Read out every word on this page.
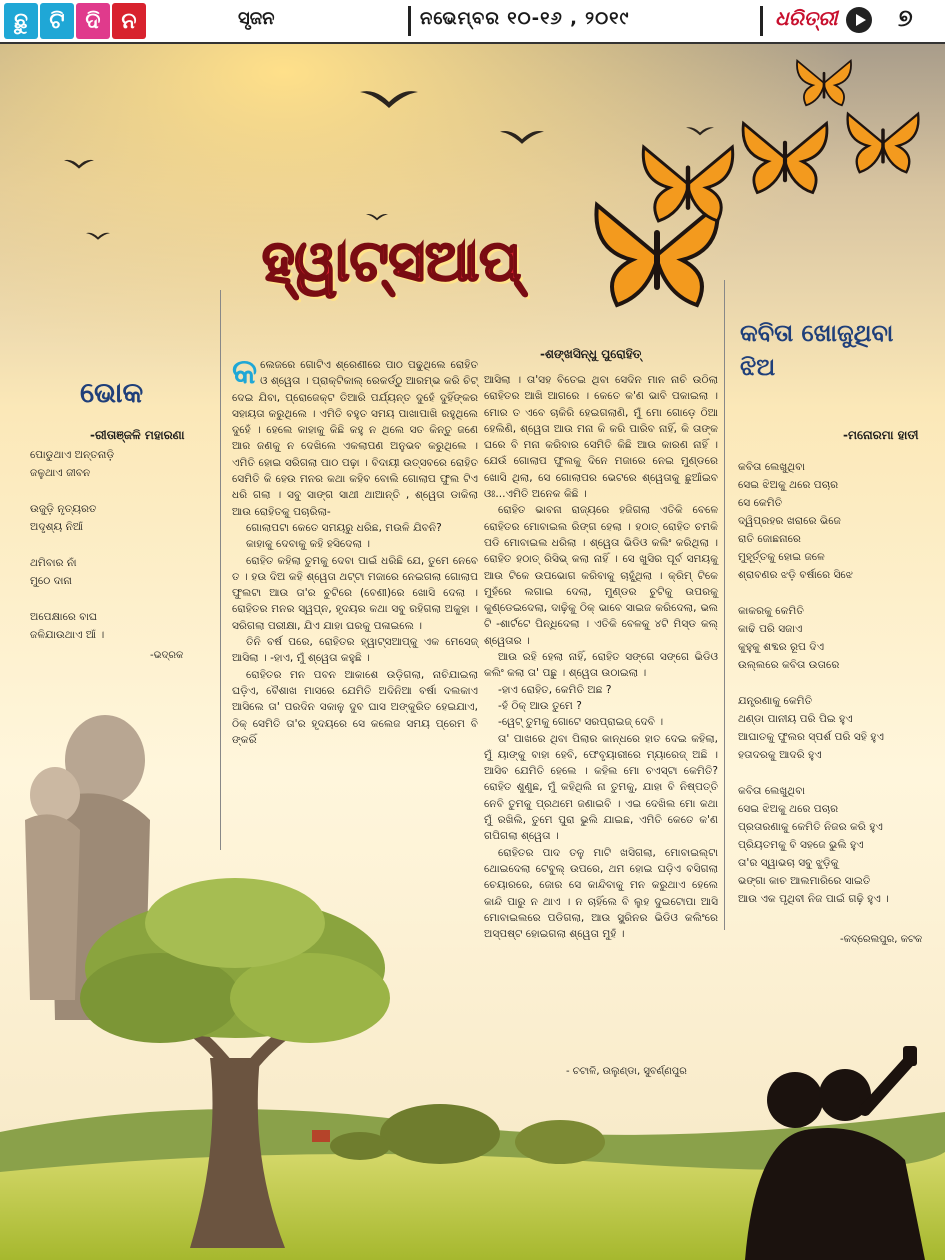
ଛୁ ଟି ଦି ନ	ସୃଜନ	ନଭେମ୍ବର ୧୦-୧୬ , ୨୦୧୯	ଧରିତ୍ରୀ	୭
ହ୍ୱାଟ୍ସଆପ୍
ଭୋକ
-ରୀତାଞ୍ଜଳି ମହାରଣା
ପୋଡୁଥାଏ ଅନ୍ତନାଡ଼ି
ଜଳୁଥାଏ ଜୀବନ
ଉଜୁଡ଼ି ନୃତ୍ୟରତ
ଅଦୃଶ୍ୟ ନିଆଁ
ଥମିବାର ନାଁ
ମୁଠେ ଦାନା
ଅପେକ୍ଷାରେ ବାଘ
ଜଳିଯାଉଥାଏ ଆଁ ।
-ଭଦ୍ରକ

କଲେଜରେ ଗୋଟିଏ ଶ୍ରେଣୀରେ ପାଠ ପଢୁଥିଲେ ରୋହିତ ଓ ଶ୍ୱେତା । ପ୍ରାକ୍ଟିକାଲ୍ ରେକର୍ଡ୍ଠୁ ଆରମ୍ଭ କରି ଚିଟ୍ ଦେଇ ଯିବା, ପ୍ରୋଜେକ୍ଟ ତିଆରି ପର୍ଯ୍ୟନ୍ତ ଦୁହେଁ ଦୁହିଁଙ୍କର ସହାୟତା କରୁଥିଲେ । ଏମିତି ବହୁତ ସମୟ ପାଖାପାଖି ରହୁଥିଲେ ଦୁହେଁ । ହେଲେ କାହାକୁ କିଛି କହୁ ନ ଥିଲେ ସତ କିନ୍ତୁ ଜଣେ ଆର ଜଣକୁ ନ ଦେଖିଲେ ଏକଲାପଣ ଅନୁଭବ କରୁଥିଲେ । ଏମିତି ହୋଇ ସରିଗଲା ପାଠ ପଢ଼ା । ବିଦାୟୀ ଉତ୍ସବରେ ରୋହିତ ସେମିତି କି ହେଉ ମନର କଥା କହିବ ବୋଲି ଗୋଲାପ ଫୁଲ ଟିଏ ଧରି ଗଲା । ସବୁ ସାଙ୍ଗ ସାଥୀ ଥାଆନ୍ତି , ଶ୍ୱେତା ଡାକିଲା ଆଉ ରୋହିତକୁ ପଚାରିଲା-

ଗୋଲାପଟା କେତେ ସମୟରୁ ଧରିଛ, ମଉଳି ଯିବନି?

କାହାକୁ ଦେବାକୁ କହି ହସିଦେଲା ।

ରୋହିତ କହିଲା ତୁମକୁ ଦେବା ପାଇଁ ଧରିଛି ଯେ, ତୁମେ ନେବେ ତ । ହଉ ଦିଅ କହି ଶ୍ୱେତା ଥଟ୍ଟା ମଜାରେ ନେଇଗଲା ଗୋଲାପ ଫୁଲଟା ଆଉ ତା'ର ଚୁଟିରେ (ବେଣୀ)ରେ ଖୋସି ଦେଲା । ରୋହିତର ମନର ସ୍ୱପ୍ନ, ହୃଦୟର କଥା ସବୁ ରହିଗଲା ଅକୁହା । ସରିଗଲା ପରୀକ୍ଷା, ଯିଏ ଯାହା ଘରକୁ ପଳାଇଲେ ।

ତିନି ବର୍ଷ ପରେ, ରୋହିତର ହ୍ୱାଟ୍ସଆପ୍କୁ ଏକ ମେସେଜ୍ ଆସିଲା । -ହାଏ, ମୁଁ ଶ୍ୱେତା କହୁଛି ।

ରୋହିତର ମନ ପବନ ଆକାଶେ ଉଡ଼ିଗଲା, ନାଚିଯାଇଲା ଘଡ଼ିଏ, ବୈଶାଖ ମାସରେ ଯେମିତି ଅଦିନିଆ ବର୍ଷା ଦଲକାଏ ଆସିଲେ ତା' ପରଦିନ ସକାଳୁ ଦୁବ ଘାସ ଅଙ୍କୁରିତ ହେଇଯାଏ, ଠିକ୍ ସେମିତି ତା'ର ହୃଦୟରେ ସେ କଲେଜ ସମୟ ପ୍ରେମ ବି ଙ୍କରିଁ

-ଶଙ୍ଖସିନ୍ଧୁ ପୁରୋହିତ୍

ଆସିଲା । ତା'ସହ ବିତେଇ ଥିବା ସେଦିନ ମାନ ନାଚି ଉଠିଲା ରୋହିତର ଆଖି ଆଗରେ । କେତେ କ'ଣ ଭାବି ପକାଇଲା । ମୋର ତ ଏବେ ଚାକିରି ହେଇଗଲାଣି, ମୁଁ ମୋ ଗୋଡ଼େ ଠିଆ ହେଲିଣି, ଶ୍ୱେତା ଆଉ ମନା କି କରି ପାରିବ ନାହିଁ, କି ତାଙ୍କ ଘରେ ବି ମନା କରିବାର ସେମିତି କିଛି ଆଉ କାରଣ ନାହିଁ । ଯେଉଁ ଗୋଲାପ ଫୁଲକୁ ଦିନେ ମଜାରେ ନେଇ ମୁଣ୍ଡରେ ଖୋସି ଥିଲା, ସେ ଗୋଲାପର ଭେଟରେ ଶ୍ୱେତାକୁ ଛୁଆଁଇବ ଓଃ...ଏମିତି ଅନେକ କିଛି ।

ରୋହିତ ଭାବନା ରାଜ୍ୟରେ ହଜିଗଲା ଏତିକି ବେଳେ ରୋହିତର ମୋବାଇଲ ରିଙ୍ଗ ହେଲା । ହଠାତ୍ ରୋହିତ ଚମକି ପଡି ମୋବାଇଲ ଧରିଲା । ଶ୍ୱେତା ଭିଡିଓ କଲିଂ କରିଥିଲା । ରୋହିତ ହଠାତ୍ ରିସିଭ୍ କଲା ନାହିଁ । ସେ ଖୁସିର ପୂର୍ବ ସମୟକୁ ଆଉ ଟିକେ ଉପଭୋଗ କରିବାକୁ ଚାହୁଁଥିଲା । କ୍ରିମ୍ ଟିକେ ମୁହଁରେ ଲଗାଇ ଦେଲା, ମୁଣ୍ଡର ଚୁଟିକୁ ଉପରକୁ କୁଣ୍ଡେଇଦେଲା, ଦାଢ଼ିକୁ ଠିକ୍ ଭାବେ ସାଇଜ କରିଦେଲା, ଭଲ ଟି -ଶାର୍ଟଟେ ପିନ୍ଧିଦେଲା । ଏତିକି ବେଳକୁ ୪ଟି ମିସ୍ଡ କଲ୍ ଶ୍ୱେତାର ।

ଆଉ ରହି ହେଲା ନାହିଁ, ରୋହିତ ସଙ୍ଗେ ସଙ୍ଗେ ଭିଡିଓ କଲିଂ କଲା ତା' ପଛୁ । ଶ୍ୱେତା ଉଠାଇଲା ।

-ହାଏ ରୋହିତ, କେମିତି ଅଛ ?

-ହଁ ଠିକ୍ ଆଉ ତୁମେ ?

-ୱେଟ୍ ତୁମକୁ ଗୋଟେ ସରପ୍ରାଇଜ୍ ଦେବି ।

ତା' ପାଖରେ ଥିବା ପିଲାର କାନ୍ଧରେ ହାତ ଦେଇ କହିଲା, ମୁଁ ୟାଙ୍କୁ ବାହା ହେବି, ଫେବୃୟାରୀରେ ମ୍ୟାରେଜ୍ ଅଛି । ଆସିବ ଯେମିତି ହେଲେ । କହିଲ ମୋ ଚଏସ୍ଟା କେମିତି? ରୋହିତ ଶୁଣୁଛ, ମୁଁ କହିଥିଲି ନା ତୁମକୁ, ଯାହା ବି ନିଷ୍ପତ୍ତି ନେବି ତୁମକୁ ପ୍ରଥମେ ଜଣାଇବି । ଏଇ ଦେଖିଲ ମୋ କଥା ମୁଁ ରଖିଲି, ତୁମେ ପୁରା ଭୁଲି ଯାଇଛ, ଏମିତି କେତେ କ'ଣ ଗପିଗଲା ଶ୍ୱେତା ।

ରୋହିତର ପାଦ ତଳୁ ମାଟି ଖସିଗଲା, ମୋବାଇଲ୍ଟା ଥୋଇଦେଲା ଟେବୁଲ୍ ଉପରେ, ଥମ ହୋଇ ଘଡ଼ିଏ ବସିଗଲା ଚେୟାରରେ, ଜୋର ସେ କାନ୍ଦିବାକୁ ମନ କରୁଥାଏ ହେଲେ କାନ୍ଦି ପାରୁ ନ ଥାଏ । ନ ଚାହିଁଲେ ବି ଲୁହ ଦୁଇଟୋପା ଆସି ମୋବାଇଲରେ ପଡିଗଲା, ଆଉ ସ୍କ୍ରିନର ଭିଡିଓ କଲିଂରେ ଅସ୍ପଷ୍ଟ ହୋଇଗଲା ଶ୍ୱେତା ମୁହଁ ।

- ଚଟାଳି, ଉଲୁଣ୍ଡା, ସୁବର୍ଣ୍ଣପୁର
କବିତା ଖୋଜୁଥିବା ଝିଅ
-ମନୋରମା ହାତୀ
କବିତା ଲେଖୁଥିବା
ସେଇ ଝିଅକୁ ଥରେ ପଚାର
ସେ କେମିତି
ଦ୍ୱିପ୍ରହର ଖରାରେ ଭିଜେ
ରାତି ଜୋଛନାରେ
ମୁହୂର୍ତ୍ତକୁ ହୋଇ ଜଳେ
ଶ୍ରାବଣର ଝଡ଼ି ବର୍ଷାରେ ସିଝେ
କାକରକୁ କେମିତି
କାଢି ପରି ସଜାଏ
କୁହୁକୁ ଶବ୍ଦର ରୂପ ଦିଏ
ଉଲ୍ଲରେ କବିତା ଉତାରେ
ଯନ୍ତ୍ରଣାକୁ କେମିତି
ଥଣ୍ଡା ପାନୀୟ ପରି ପିଇ ହୁଏ
ଆଘାତକୁ ଫୁଲର ସ୍ପର୍ଶ ପରି ସହି ହୁଏ
ହତାଦରକୁ ଆଦରି ହୁଏ
କବିତା ଲେଖୁଥିବା
ସେଇ ଝିଅକୁ ଥରେ ପଚାର
ପ୍ରତାରଣାକୁ କେମିତି ନିଜର କରି ହୁଏ
ପ୍ରିୟତମକୁ ବି ସହଜେ ଭୁଲି ହୁଏ
ତା'ର ସ୍ୱାଭଚା ସବୁ ଝୁଡ଼ିକୁ
ଭଙ୍ଗା କାଚ ଆଲମାରିରେ ସାଇତି
ଆଉ ଏକ ପୃଥିବୀ ନିଜ ପାଇଁ ଗଢ଼ି ହୁଏ ।
-କଦ୍ରେଲପୁର, କଟକ
